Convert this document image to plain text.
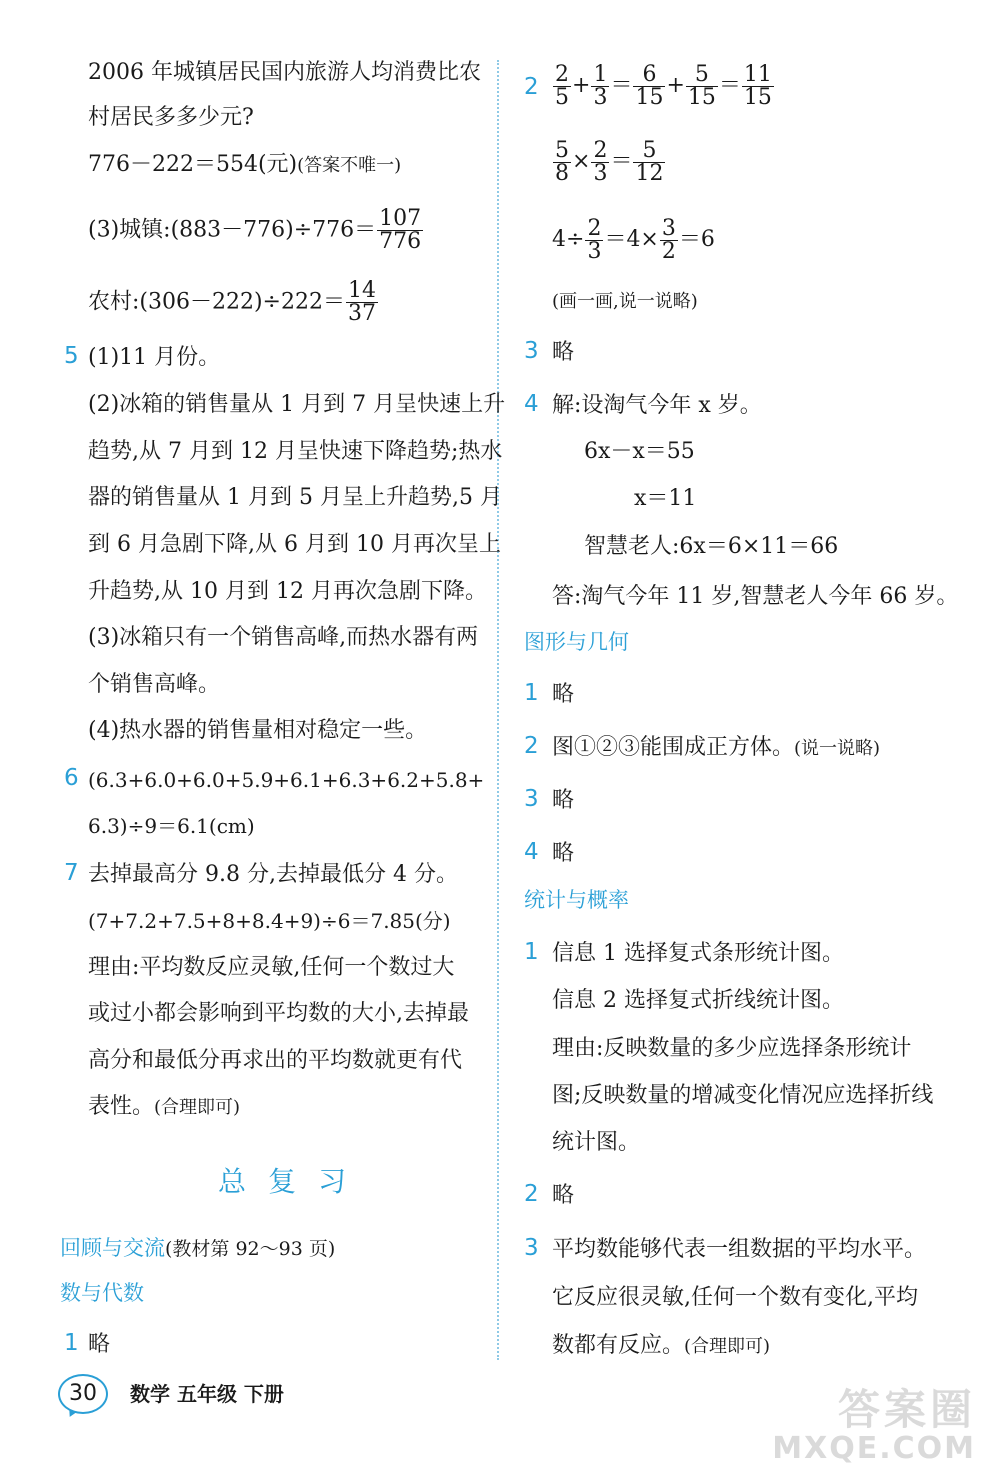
2006 年城镇居民国内旅游人均消费比农
村居民多多少元?
776－222＝554(元)(答案不唯一)
(3)城镇:(883－776)÷776＝ $\frac{107}{776}$
农村:(306－222)÷222＝ $\frac{14}{37}$
5 (1)11 月份。
(2)冰箱的销售量从 1 月到 7 月呈快速上升
趋势,从 7 月到 12 月呈快速下降趋势;热水
器的销售量从 1 月到 5 月呈上升趋势,5 月
到 6 月急剧下降,从 6 月到 10 月再次呈上
升趋势,从 10 月到 12 月再次急剧下降。
(3)冰箱只有一个销售高峰,而热水器有两
个销售高峰。
(4)热水器的销售量相对稳定一些。
6 (6.3+6.0+6.0+5.9+6.1+6.3+6.2+5.8+
6.3)÷9＝6.1(cm)
7 去掉最高分 9.8 分,去掉最低分 4 分。
(7+7.2+7.5+8+8.4+9)÷6＝7.85(分)
理由:平均数反应灵敏,任何一个数过大
或过小都会影响到平均数的大小,去掉最
高分和最低分再求出的平均数就更有代
表性。(合理即可)
回顾与交流(教材第 92～93 页)
数与代数
1 略
总复习
$2 \frac{2}{5} + \frac{1}{3} = \frac{6}{15} + \frac{5}{15} = \frac{11}{15}$
$\frac{5}{8} \times \frac{2}{3} = \frac{5}{12}$
$4\div \frac{2}{3} =4\times \frac{3}{2} =6$
(画一画,说一说略)
3 略
4 解:设淘气今年 x 岁。
6x－x＝55
x＝11
智慧老人:6x＝6×11＝66
答:淘气今年 11 岁,智慧老人今年 66 岁。
图形与几何
1 略
2 图①②③能围成正方体。(说一说略)
3 略
4 略
统计与概率
1 信息 1 选择复式条形统计图。
信息 2 选择复式折线统计图。
理由:反映数量的多少应选择条形统计
图;反映数量的增减变化情况应选择折线
统计图。
2 略
3 平均数能够代表一组数据的平均水平。
它反应很灵敏,任何一个数有变化,平均
数都有反应。(合理即可)
30	数学 五年级 下册	答案圈
MXQE.COM
